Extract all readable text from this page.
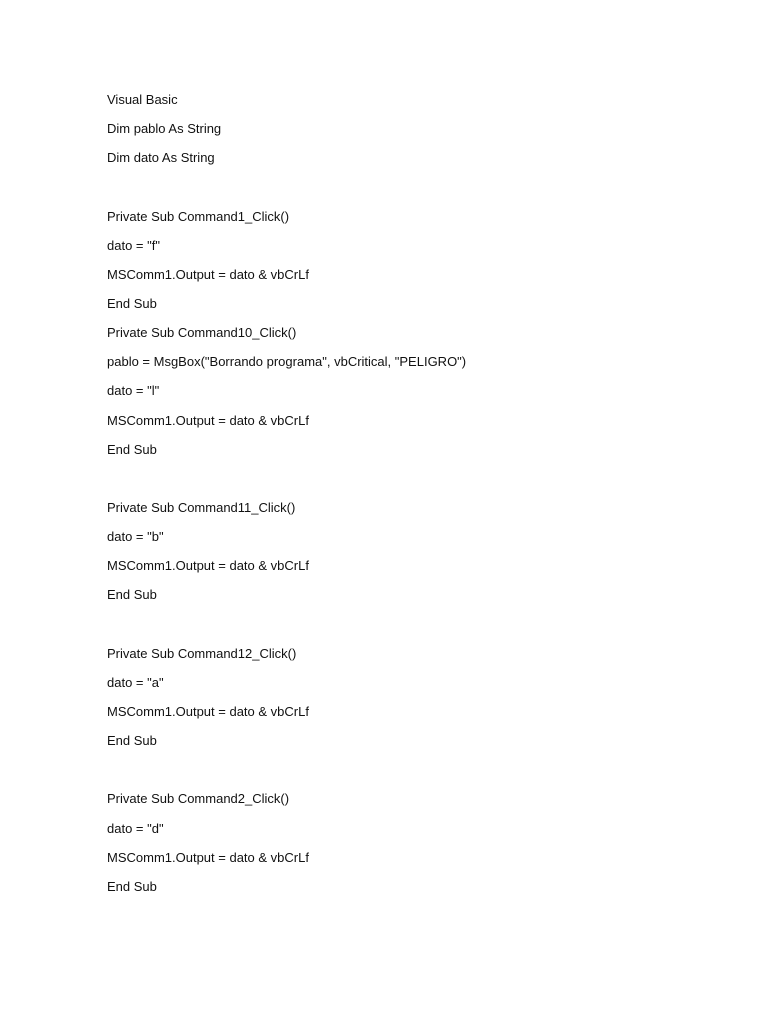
Visual Basic
Dim pablo As String
Dim dato As String
Private Sub Command1_Click()
dato = "f"
MSComm1.Output = dato & vbCrLf
End Sub
Private Sub Command10_Click()
pablo = MsgBox("Borrando programa", vbCritical, "PELIGRO")
dato = "l"
MSComm1.Output = dato & vbCrLf
End Sub
Private Sub Command11_Click()
dato = "b"
MSComm1.Output = dato & vbCrLf
End Sub
Private Sub Command12_Click()
dato = "a"
MSComm1.Output = dato & vbCrLf
End Sub
Private Sub Command2_Click()
dato = "d"
MSComm1.Output = dato & vbCrLf
End Sub
